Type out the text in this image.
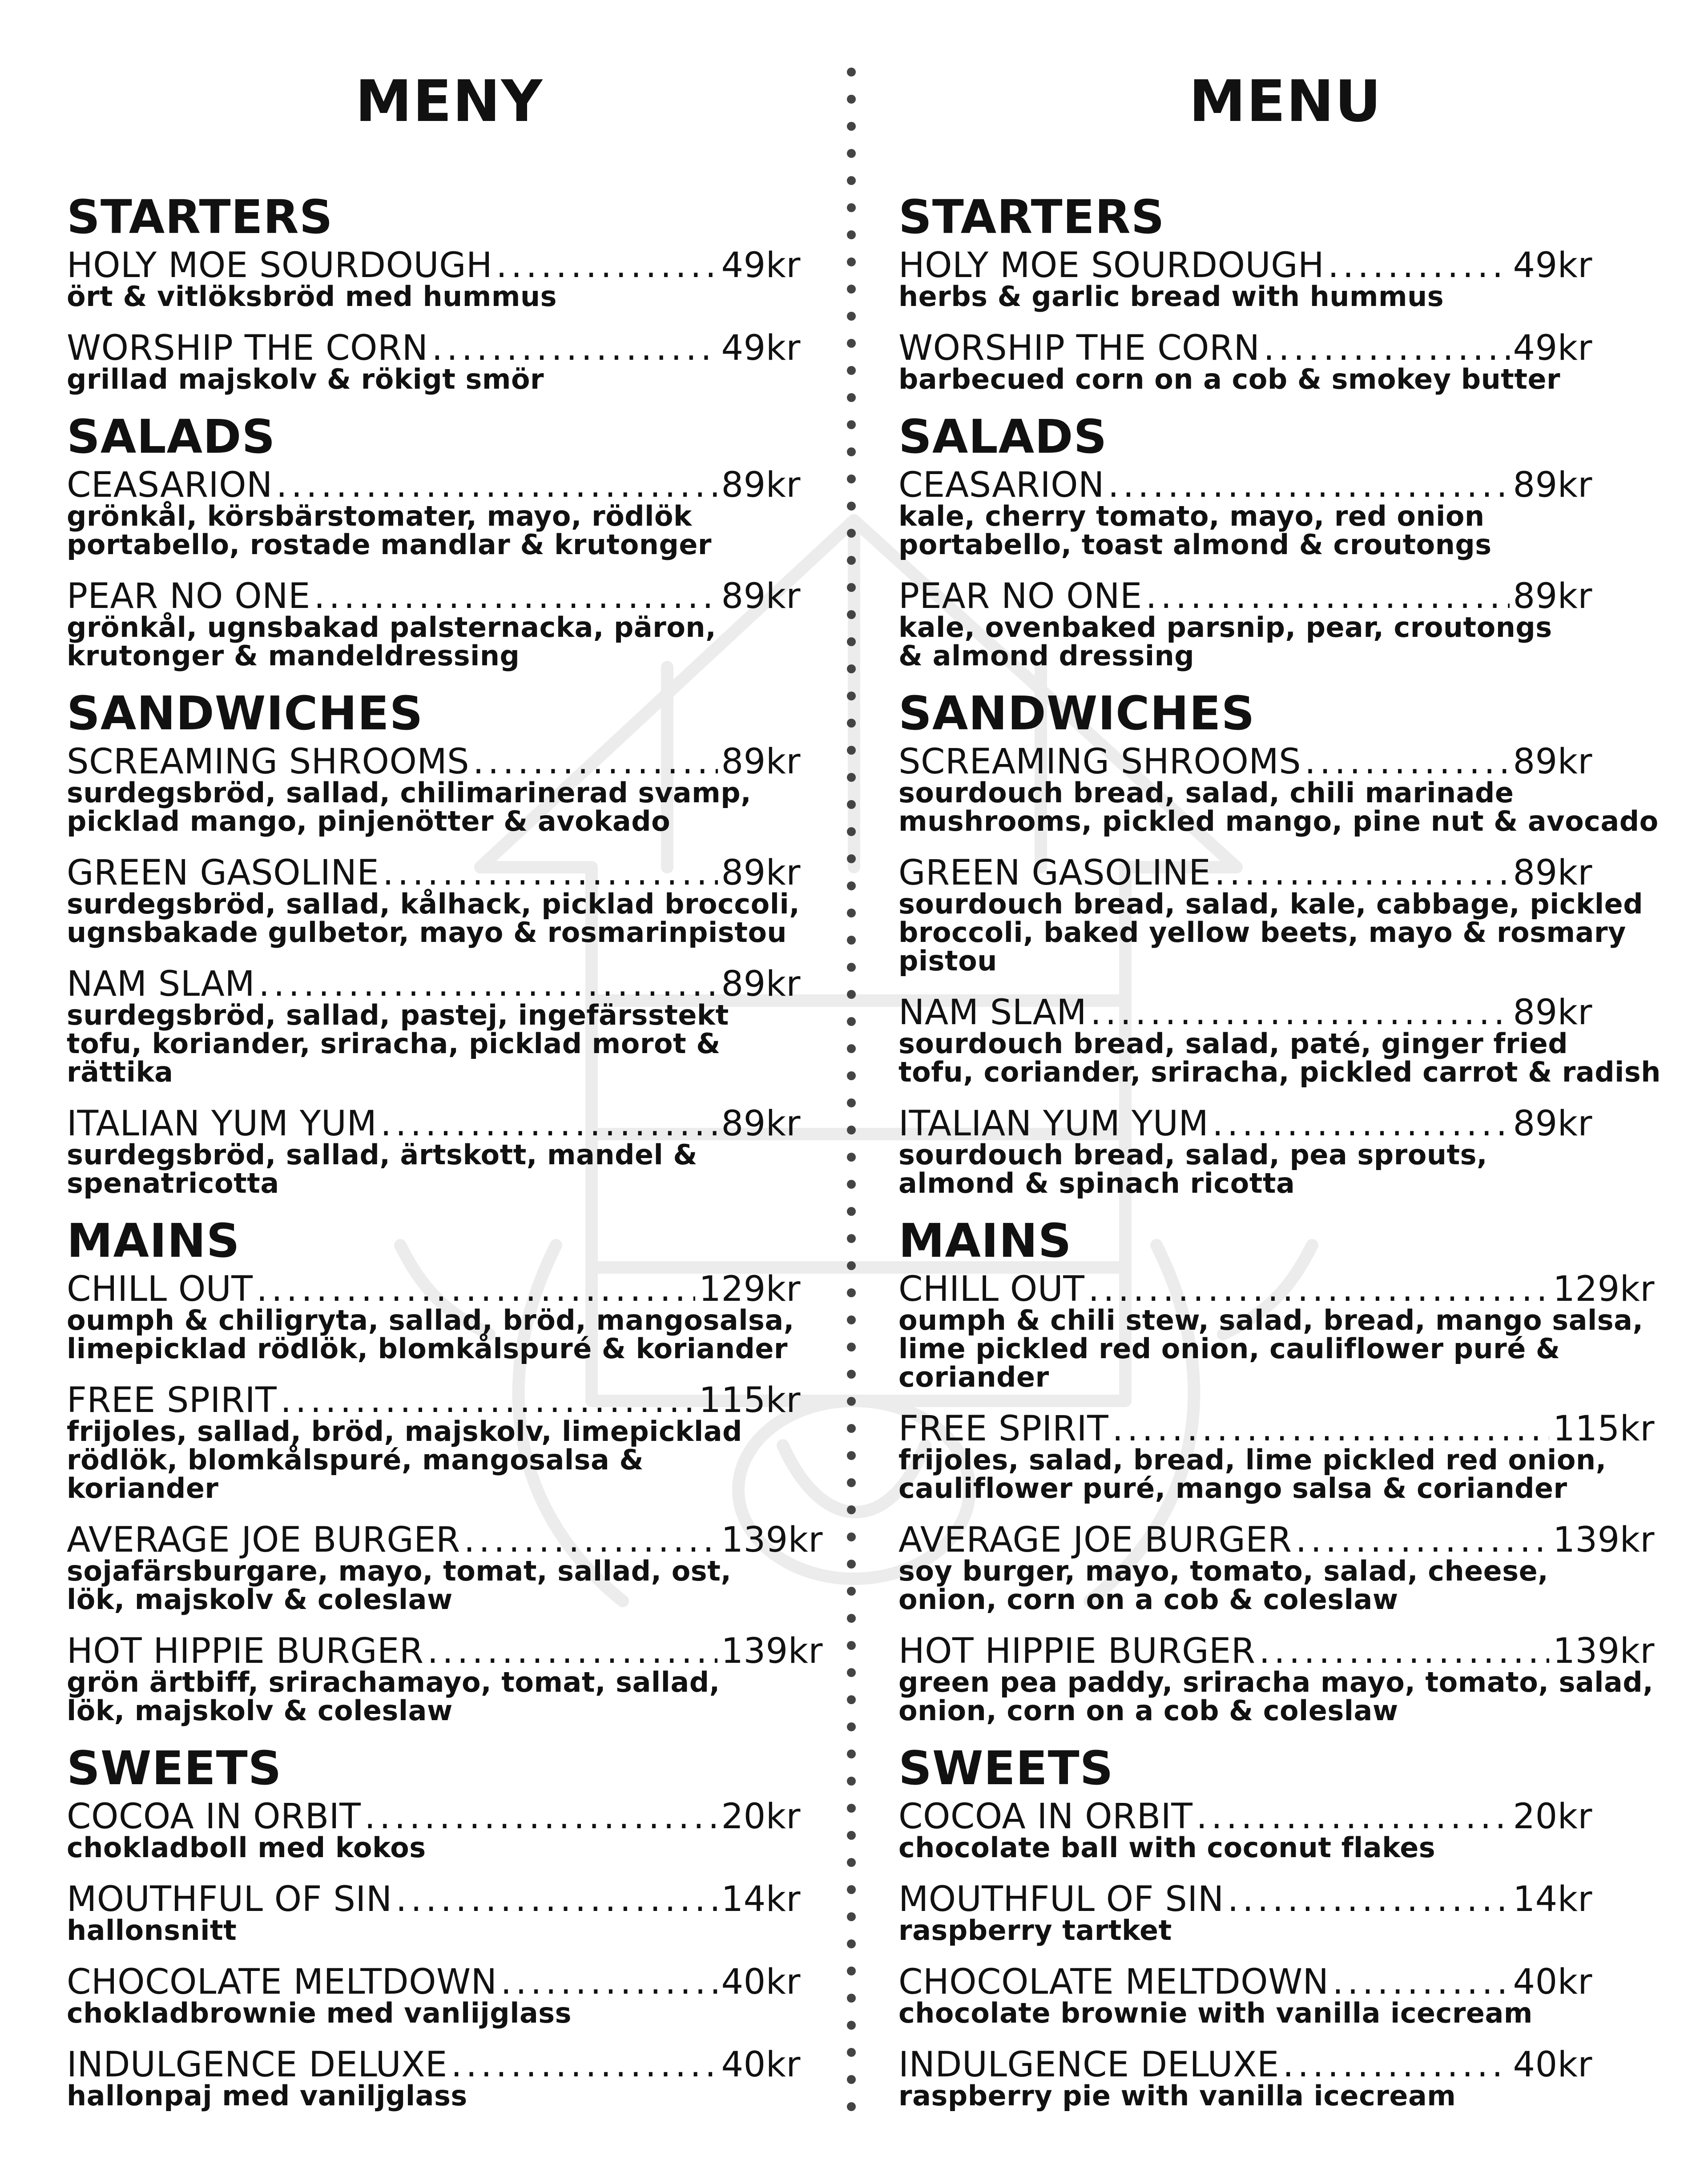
MENY
STARTERS
HOLY MOE SOURDOUGH . . .	49kr
ört & vitlöksbröd med hummus
WORSHIP THE CORN . . .	49kr
grillad majskolv & rökigt smör
SALADS
CEASARION . . .	89kr
grönkål, körsbärstomater, mayo, rödlök
portabello, rostade mandlar & krutonger
PEAR NO ONE . . .	89kr
grönkål, ugnsbakad palsternacka, päron,
krutonger & mandeldressing
SANDWICHES
SCREAMING SHROOMS . . .	89kr
surdegsbröd, sallad, chilimarinerad svamp,
picklad mango, pinjenötter & avokado
GREEN GASOLINE . . .	89kr
surdegsbröd, sallad, kålhack, picklad broccoli,
ugnsbakade gulbetor, mayo & rosmarinpistou
NAM SLAM . . .	89kr
surdegsbröd, sallad, pastej, ingefärsstekt
tofu, koriander, sriracha, picklad morot & rättika
ITALIAN YUM YUM . . .	89kr
surdegsbröd, sallad, ärtskott, mandel &
spenatricotta
MAINS
CHILL OUT . . .	129kr
oumph & chiligryta, sallad, bröd, mangosalsa,
limepicklad rödlök, blomkålspuré & koriander
FREE SPIRIT . . .	115kr
frijoles, sallad, bröd, majskolv, limepicklad
rödlök, blomkålspuré, mangosalsa & koriander
AVERAGE JOE BURGER . . .	139kr
sojafärsburgare, mayo, tomat, sallad, ost,
lök, majskolv & coleslaw
HOT HIPPIE BURGER . . .	139kr
grön ärtbiff, srirachamayo, tomat, sallad,
lök, majskolv & coleslaw
SWEETS
COCOA IN ORBIT . . .	20kr
chokladboll med kokos
MOUTHFUL OF SIN . . .	14kr
hallonsnitt
CHOCOLATE MELTDOWN . . .	40kr
chokladbrownie med vanlijglass
INDULGENCE DELUXE . . .	40kr
hallonpaj med vaniljglass
MENU
STARTERS
HOLY MOE SOURDOUGH . . .	49kr
herbs & garlic bread with hummus
WORSHIP THE CORN . . .	49kr
barbecued corn on a cob & smokey butter
SALADS
CEASARION . . .	89kr
kale, cherry tomato, mayo, red onion
portabello, toast almond & croutongs
PEAR NO ONE . . .	89kr
kale, ovenbaked parsnip, pear, croutongs
& almond dressing
SANDWICHES
SCREAMING SHROOMS . . .	89kr
sourdouch bread, salad, chili marinade
mushrooms, pickled mango, pine nut & avocado
GREEN GASOLINE . . .	89kr
sourdouch bread, salad, kale, cabbage, pickled
broccoli, baked yellow beets, mayo & rosmary pistou
NAM SLAM . . .	89kr
sourdouch bread, salad, paté, ginger fried
tofu, coriander, sriracha, pickled carrot & radish
ITALIAN YUM YUM . . .	89kr
sourdouch bread, salad, pea sprouts,
almond & spinach ricotta
MAINS
CHILL OUT . . .	129kr
oumph & chili stew, salad, bread, mango salsa,
lime pickled red onion, cauliflower puré & coriander
FREE SPIRIT . . .	115kr
frijoles, salad, bread, lime pickled red onion,
cauliflower puré, mango salsa & coriander
AVERAGE JOE BURGER . . .	139kr
soy burger, mayo, tomato, salad, cheese,
onion, corn on a cob & coleslaw
HOT HIPPIE BURGER . . .	139kr
green pea paddy, sriracha mayo, tomato, salad,
onion, corn on a cob & coleslaw
SWEETS
COCOA IN ORBIT . . .	20kr
chocolate ball with coconut flakes
MOUTHFUL OF SIN . . .	14kr
raspberry tartket
CHOCOLATE MELTDOWN . . .	40kr
chocolate brownie with vanilla icecream
INDULGENCE DELUXE . . .	40kr
raspberry pie with vanilla icecream
